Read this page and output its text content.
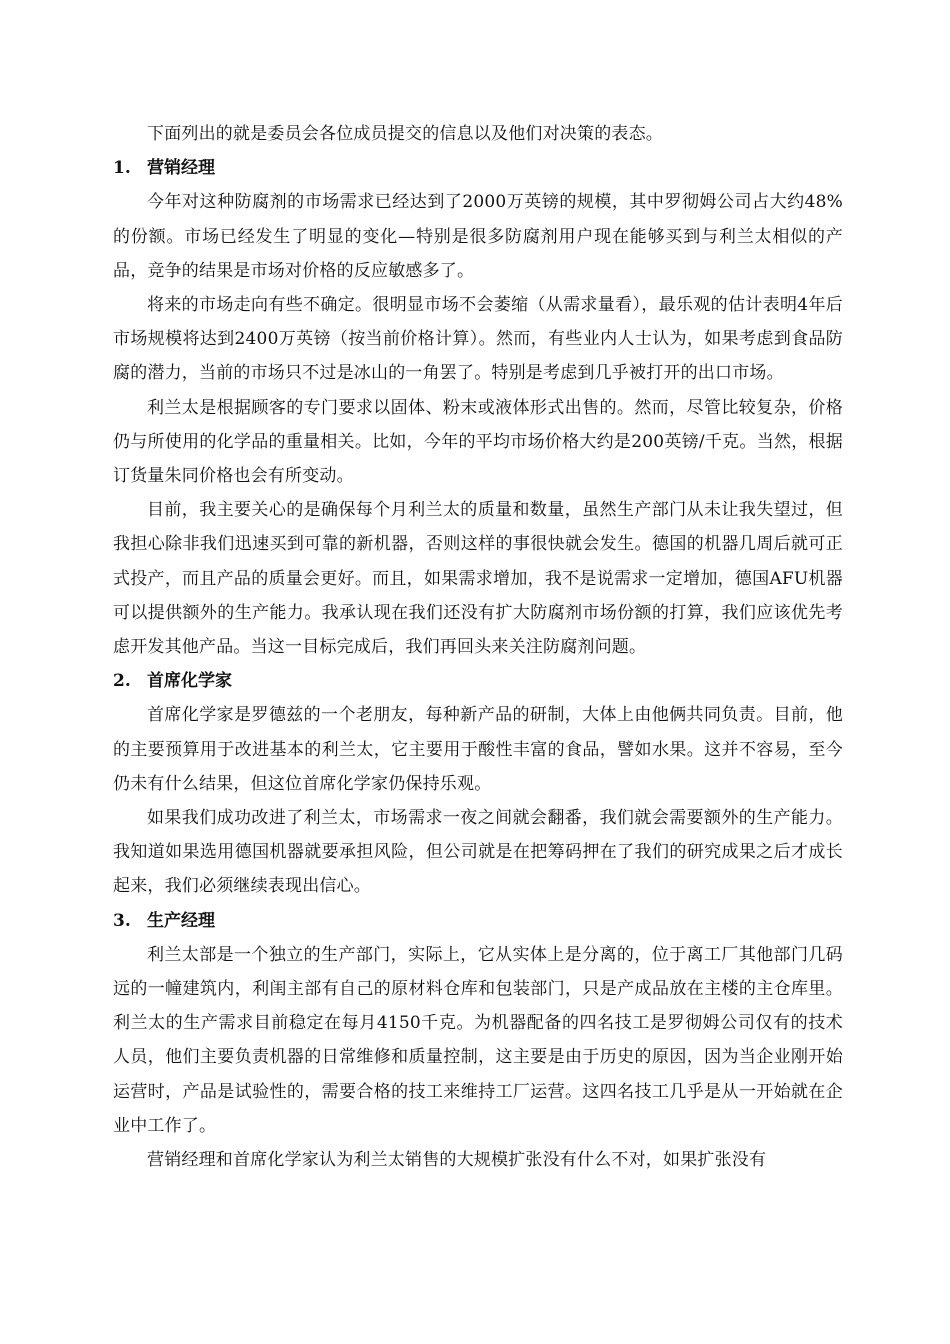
下面列出的就是委员会各位成员提交的信息以及他们对决策的表态。

1. 营销经理

今年对这种防腐剂的市场需求已经达到了2000万英镑的规模，其中罗彻姆公司占大约48%的份额。市场已经发生了明显的变化—特别是很多防腐剂用户现在能够买到与利兰太相似的产品，竞争的结果是市场对价格的反应敏感多了。

将来的市场走向有些不确定。很明显市场不会萎缩（从需求量看），最乐观的估计表明4年后市场规模将达到2400万英镑（按当前价格计算）。然而，有些业内人士认为，如果考虑到食品防腐的潜力，当前的市场只不过是冰山的一角罢了。特别是考虑到几乎被打开的出口市场。

利兰太是根据顾客的专门要求以固体、粉末或液体形式出售的。然而，尽管比较复杂，价格仍与所使用的化学品的重量相关。比如，今年的平均市场价格大约是200英镑/千克。当然，根据订货量朱同价格也会有所变动。

目前，我主要关心的是确保每个月利兰太的质量和数量，虽然生产部门从未让我失望过，但我担心除非我们迅速买到可靠的新机器，否则这样的事很快就会发生。德国的机器几周后就可正式投产，而且产品的质量会更好。而且，如果需求增加，我不是说需求一定增加，德国AFU机器可以提供额外的生产能力。我承认现在我们还没有扩大防腐剂市场份额的打算，我们应该优先考虑开发其他产品。当这一目标完成后，我们再回头来关注防腐剂问题。

2. 首席化学家

首席化学家是罗德兹的一个老朋友，每种新产品的研制，大体上由他俩共同负责。目前，他的主要预算用于改进基本的利兰太，它主要用于酸性丰富的食品，譬如水果。这并不容易，至今仍未有什么结果，但这位首席化学家仍保持乐观。

如果我们成功改进了利兰太，市场需求一夜之间就会翻番，我们就会需要额外的生产能力。我知道如果选用德国机器就要承担风险，但公司就是在把筹码押在了我们的研究成果之后才成长起来，我们必须继续表现出信心。

3. 生产经理

利兰太部是一个独立的生产部门，实际上，它从实体上是分离的，位于离工厂其他部门几码远的一幢建筑内，利闺主部有自己的原材料仓库和包装部门，只是产成品放在主楼的主仓库里。利兰太的生产需求目前稳定在每月4150千克。为机器配备的四名技工是罗彻姆公司仅有的技术人员，他们主要负责机器的日常维修和质量控制，这主要是由于历史的原因，因为当企业刚开始运营时，产品是试验性的，需要合格的技工来维持工厂运营。这四名技工几乎是从一开始就在企业中工作了。

营销经理和首席化学家认为利兰太销售的大规模扩张没有什么不对，如果扩张没有
